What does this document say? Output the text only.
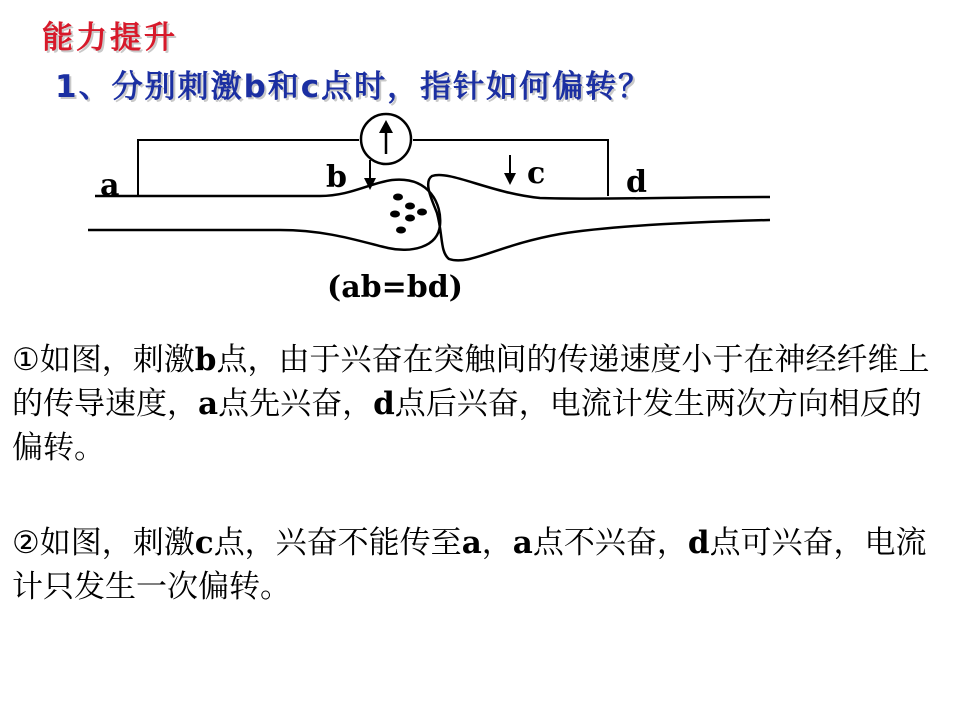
能力提升
1、分别刺激b和c点时，指针如何偏转？
a	b	c	d
(ab=bd)
①如图，刺激b点，由于兴奋在突触间的传递速度小于在神经纤维上的传导速度，a点先兴奋，d点后兴奋，电流计发生两次方向相反的偏转。
②如图，刺激c点，兴奋不能传至a，a点不兴奋，d点可兴奋，电流计只发生一次偏转。
